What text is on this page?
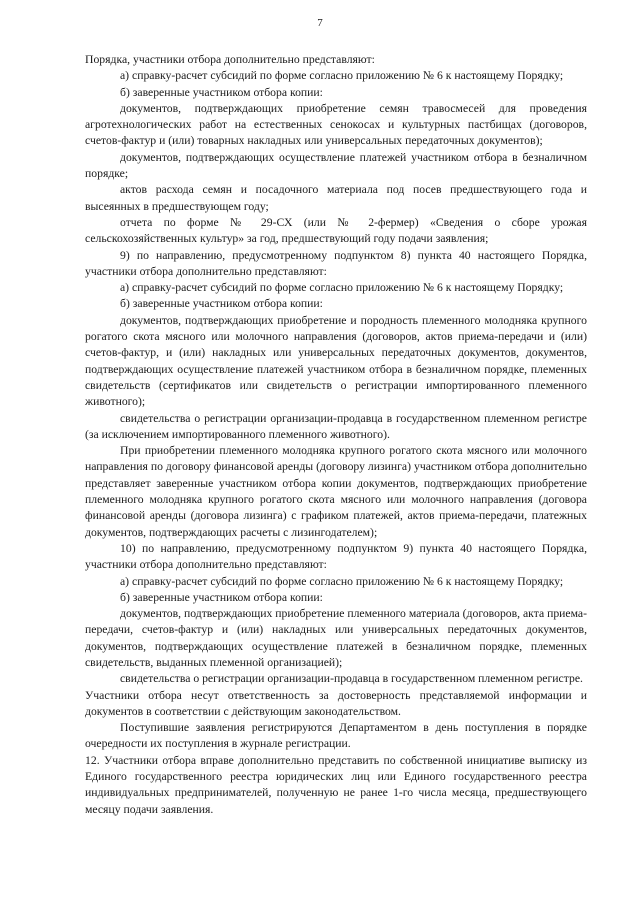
7

Порядка, участники отбора дополнительно представляют:

а) справку-расчет субсидий по форме согласно приложению № 6 к настоящему Порядку;

б) заверенные участником отбора копии:

документов, подтверждающих приобретение семян травосмесей для проведения агротехнологических работ на естественных сенокосах и культурных пастбищах (договоров, счетов-фактур и (или) товарных накладных или универсальных передаточных документов);

документов, подтверждающих осуществление платежей участником отбора в безналичном порядке;

актов расхода семян и посадочного материала под посев предшествующего года и высеянных в предшествующем году;

отчета по форме № 29-СХ (или № 2-фермер) «Сведения о сборе урожая сельскохозяйственных культур» за год, предшествующий году подачи заявления;

9) по направлению, предусмотренному подпунктом 8) пункта 40 настоящего Порядка, участники отбора дополнительно представляют:

а) справку-расчет субсидий по форме согласно приложению № 6 к настоящему Порядку;

б) заверенные участником отбора копии:

документов, подтверждающих приобретение и породность племенного молодняка крупного рогатого скота мясного или молочного направления (договоров, актов приема-передачи и (или) счетов-фактур, и (или) накладных или универсальных передаточных документов, документов, подтверждающих осуществление платежей участником отбора в безналичном порядке, племенных свидетельств (сертификатов или свидетельств о регистрации импортированного племенного животного);

свидетельства о регистрации организации-продавца в государственном племенном регистре (за исключением импортированного племенного животного).

При приобретении племенного молодняка крупного рогатого скота мясного или молочного направления по договору финансовой аренды (договору лизинга) участником отбора дополнительно представляет заверенные участником отбора копии документов, подтверждающих приобретение племенного молодняка крупного рогатого скота мясного или молочного направления (договора финансовой аренды (договора лизинга) с графиком платежей, актов приема-передачи, платежных документов, подтверждающих расчеты с лизингодателем);

10) по направлению, предусмотренному подпунктом 9) пункта 40 настоящего Порядка, участники отбора дополнительно представляют:

а) справку-расчет субсидий по форме согласно приложению № 6 к настоящему Порядку;

б) заверенные участником отбора копии:

документов, подтверждающих приобретение племенного материала (договоров, акта приема-передачи, счетов-фактур и (или) накладных или универсальных передаточных документов, документов, подтверждающих осуществление платежей в безналичном порядке, племенных свидетельств, выданных племенной организацией);

свидетельства о регистрации организации-продавца в государственном племенном регистре.

Участники отбора несут ответственность за достоверность представляемой информации и документов в соответствии с действующим законодательством.

Поступившие заявления регистрируются Департаментом в день поступления в порядке очередности их поступления в журнале регистрации.

12. Участники отбора вправе дополнительно представить по собственной инициативе выписку из Единого государственного реестра юридических лиц или Единого государственного реестра индивидуальных предпринимателей, полученную не ранее 1-го числа месяца, предшествующего месяцу подачи заявления.
